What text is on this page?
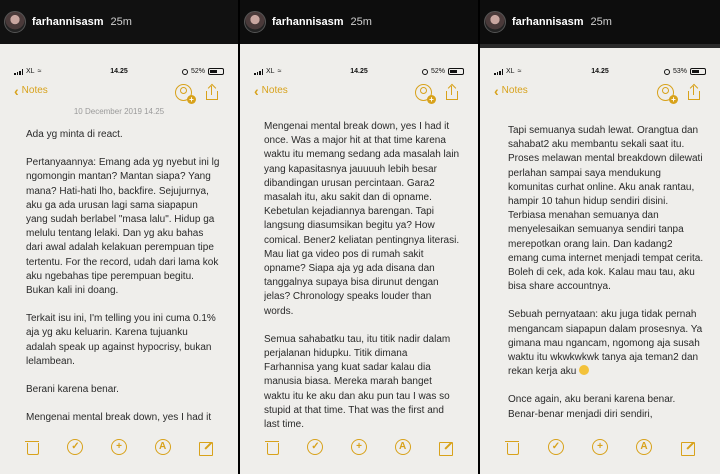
farhannisasm 25m
XL ≈	14.25	52%
‹ Notes
+
10 December 2019 14.25

Ada yg minta di react.

Pertanyaannya: Emang ada yg nyebut ini lg ngomongin mantan? Mantan siapa? Yang mana? Hati-hati lho, backfire. Sejujurnya, aku ga ada urusan lagi sama siapapun yang sudah berlabel "masa lalu". Hidup ga melulu tentang lelaki. Dan yg aku bahas dari awal adalah kelakuan perempuan tipe tertentu. For the record, udah dari lama kok aku ngebahas tipe perempuan begitu. Bukan kali ini doang.

Terkait isu ini, I'm telling you ini cuma 0.1% aja yg aku keluarin. Karena tujuanku adalah speak up against hypocrisy, bukan lelambean.

Berani karena benar.

Mengenai mental break down, yes I had it

✓	+	A
farhannisasm 25m
XL ≈	14.25	52%
‹ Notes
+

Mengenai mental break down, yes I had it once. Was a major hit at that time karena waktu itu memang sedang ada masalah lain yang kapasitasnya jauuuuh lebih besar dibandingan urusan percintaan. Gara2 masalah itu, aku sakit dan di opname. Kebetulan kejadiannya barengan. Tapi langsung diasumsikan begitu ya? How comical. Bener2 keliatan pentingnya literasi. Mau liat ga video pos di rumah sakit opname? Siapa aja yg ada disana dan tanggalnya supaya bisa dirunut dengan jelas? Chronology speaks louder than words.

Semua sahabatku tau, itu titik nadir dalam perjalanan hidupku. Titik dimana Farhannisa yang kuat sadar kalau dia manusia biasa. Mereka marah banget waktu itu ke aku dan aku pun tau I was so stupid at that time. That was the first and last time.

✓	+	A
farhannisasm 25m
XL ≈	14.25	53%
‹ Notes
+

Tapi semuanya sudah lewat. Orangtua dan sahabat2 aku membantu sekali saat itu. Proses melawan mental breakdown dilewati perlahan sampai saya mendukung komunitas curhat online. Aku anak rantau, hampir 10 tahun hidup sendiri disini. Terbiasa menahan semuanya dan menyelesaikan semuanya sendiri tanpa merepotkan orang lain. Dan kadang2 emang cuma internet menjadi tempat cerita. Boleh di cek, ada kok. Kalau mau tau, aku bisa share accountnya.

Sebuah pernyataan: aku juga tidak pernah mengancam siapapun dalam prosesnya. Ya gimana mau ngancam, ngomong aja susah waktu itu wkwkwkwk tanya aja teman2 dan rekan kerja aku

Once again, aku berani karena benar. Benar-benar menjadi diri sendiri,

✓	+	A
